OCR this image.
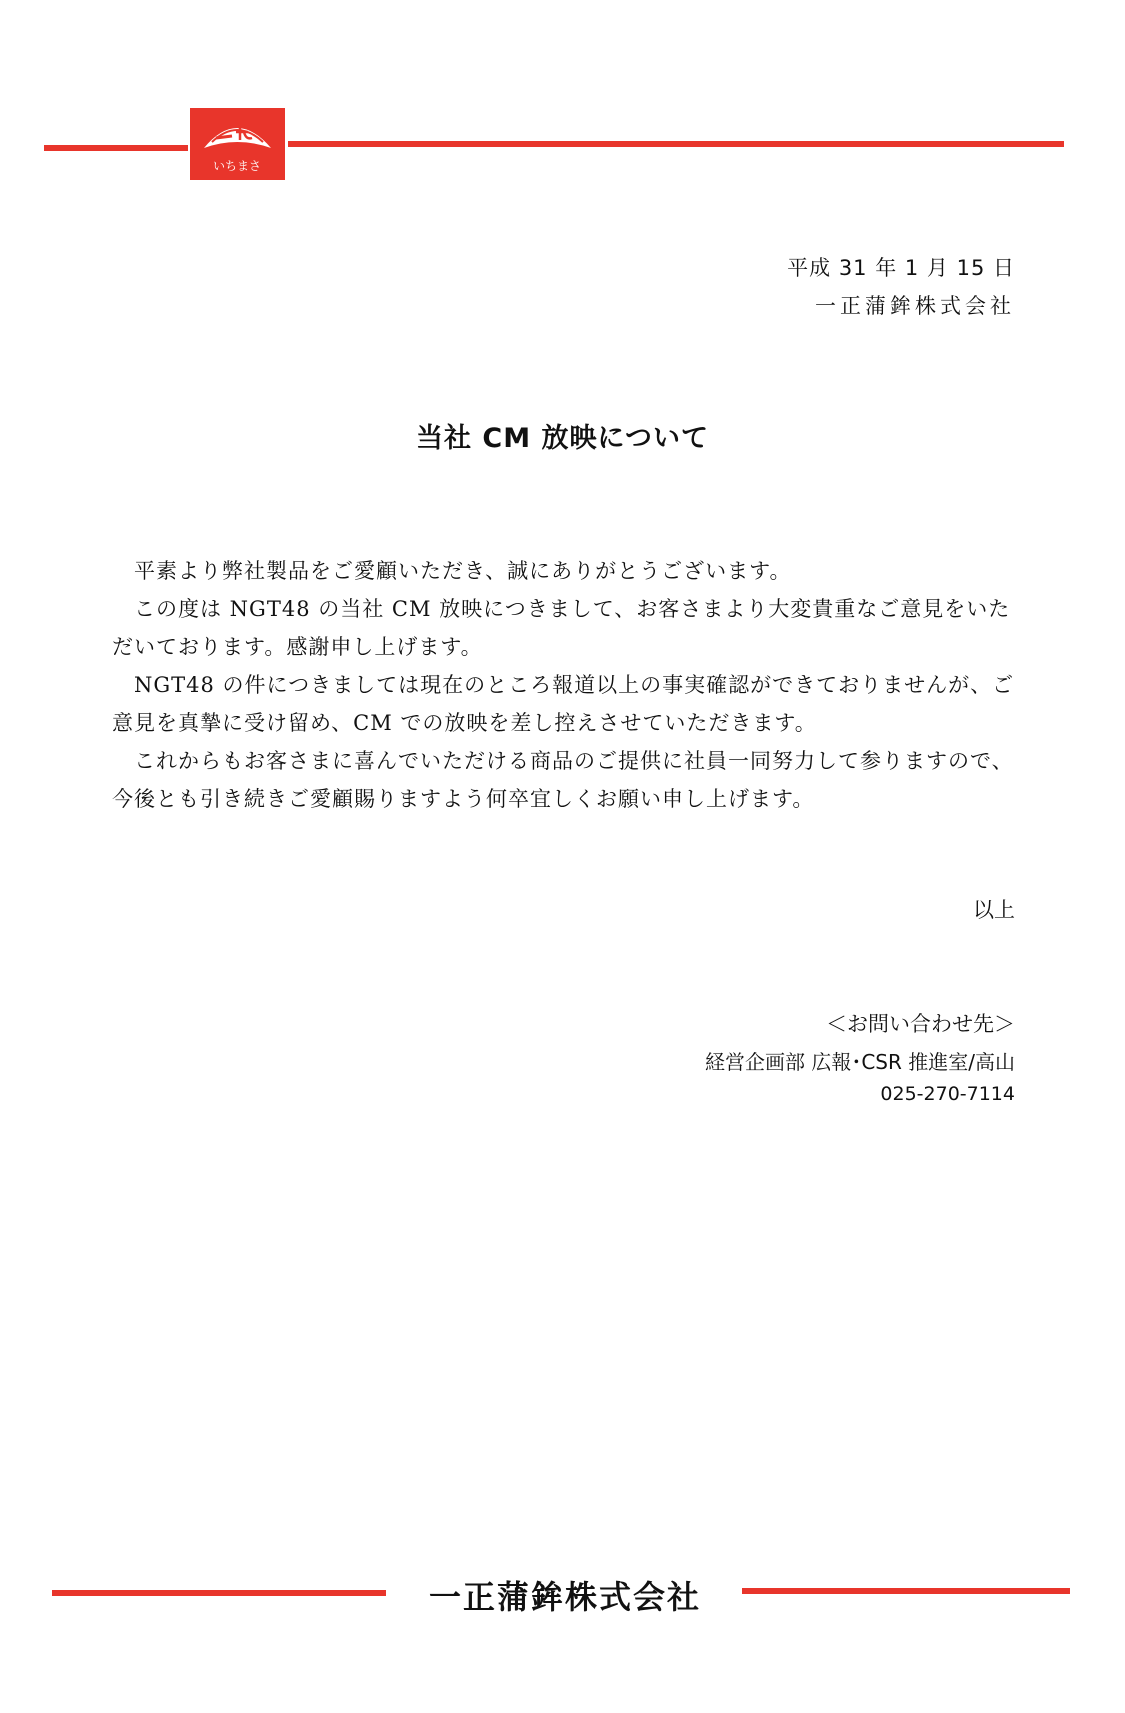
いちまさ
平成 31 年 1 月 15 日
一正蒲鉾株式会社
当社 CM 放映について

平素より弊社製品をご愛顧いただき、誠にありがとうございます。

この度は NGT48 の当社 CM 放映につきまして、お客さまより大変貴重なご意見をいただいております。感謝申し上げます。

NGT48 の件につきましては現在のところ報道以上の事実確認ができておりませんが、ご意見を真摯に受け留め、CM での放映を差し控えさせていただきます。

これからもお客さまに喜んでいただける商品のご提供に社員一同努力して参りますので、今後とも引き続きご愛顧賜りますよう何卒宜しくお願い申し上げます。

以上
＜お問い合わせ先＞
経営企画部 広報･CSR 推進室/高山
025-270-7114
一正蒲鉾株式会社
